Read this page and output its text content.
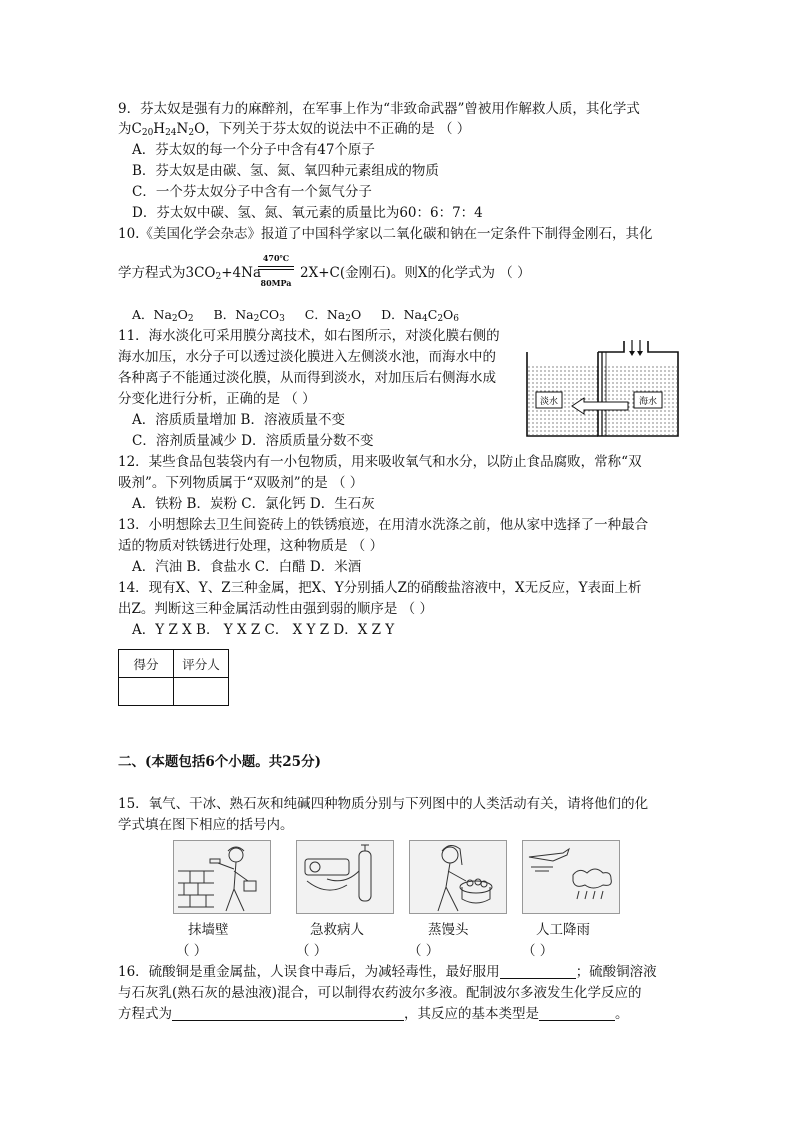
9．芬太奴是强有力的麻醉剂，在军事上作为“非致命武器”曾被用作解救人质，其化学式
为$C_{20}H_{24}N_2O$，下列关于芬太奴的说法中不正确的是 （ ）
A．芬太奴的每一个分子中含有47个原子
B．芬太奴是由碳、氢、氮、氧四种元素组成的物质
C．一个芬太奴分子中含有一个氮气分子
D．芬太奴中碳、氢、氮、氧元素的质量比为60：6：7：4
10.《美国化学会杂志》报道了中国科学家以二氧化碳和钠在一定条件下制得金刚石，其化
学方程式为$3CO_2+4Na$
470℃
80MPa
2X+C(金刚石)。则X的化学式为 （ ）
A．$Na_2O_2$ B．$Na_2CO_3$ C．$Na_2O$ D．$Na_4C_2O_6$
11．海水淡化可采用膜分离技术，如右图所示，对淡化膜右侧的
海水加压，水分子可以透过淡化膜进入左侧淡水池，而海水中的
各种离子不能通过淡化膜，从而得到淡水，对加压后右侧海水成
分变化进行分析，正确的是 （ ）
A．溶质质量增加 B．溶液质量不变
C．溶剂质量减少 D．溶质质量分数不变
淡水	海水
12．某些食品包装袋内有一小包物质，用来吸收氧气和水分，以防止食品腐败，常称“双
吸剂”。下列物质属于“双吸剂”的是 （ ）
A．铁粉 B．炭粉 C．氯化钙 D．生石灰
13．小明想除去卫生间瓷砖上的铁锈痕迹，在用清水洗涤之前，他从家中选择了一种最合
适的物质对铁锈进行处理，这种物质是 （ ）
A．汽油 B．食盐水 C．白醋 D．米酒
14．现有X、Y、Z三种金属，把X、Y分别插人Z的硝酸盐溶液中，X无反应，Y表面上析
出Z。判断这三种金属活动性由强到弱的顺序是 （ ）
A．Y Z X B． Y X Z C． X Y Z D．X Z Y
得分	评分人

二、(本题包括6个小题。共25分)
15．氧气、干冰、熟石灰和纯碱四种物质分别与下列图中的人类活动有关，请将他们的化
学式填在图下相应的括号内。
抹墙壁	急救病人	蒸馒头	人工降雨
（ ）	（ ）	（ ）	（ ）
16．硫酸铜是重金属盐，人误食中毒后，为减轻毒性，最好服用	；硫酸铜溶液
与石灰乳(熟石灰的悬浊液)混合，可以制得农药波尔多液。配制波尔多液发生化学反应的
方程式为	，其反应的基本类型是	。
